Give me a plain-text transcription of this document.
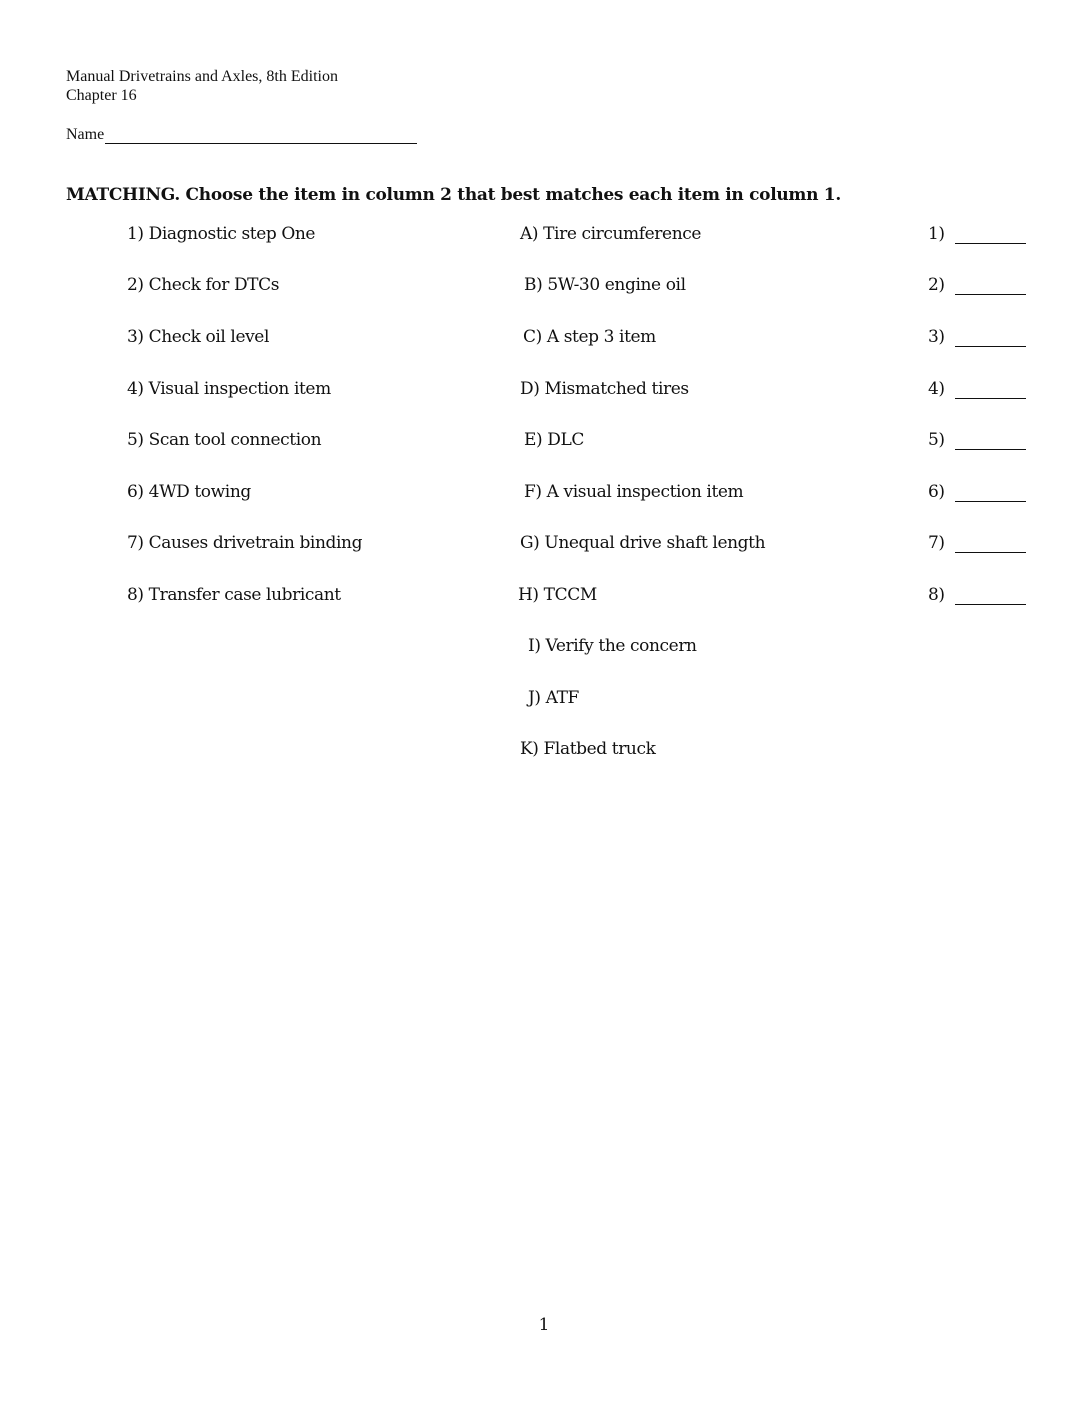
Manual Drivetrains and Axles, 8th Edition
Chapter 16
Name
MATCHING. Choose the item in column 2 that best matches each item in column 1.
1) Diagnostic step One
2) Check for DTCs
3) Check oil level
4) Visual inspection item
5) Scan tool connection
6) 4WD towing
7) Causes drivetrain binding
8) Transfer case lubricant
A) Tire circumference
B) 5W-30 engine oil
C) A step 3 item
D) Mismatched tires
E) DLC
F) A visual inspection item
G) Unequal drive shaft length
H) TCCM
I) Verify the concern
J) ATF
K) Flatbed truck
1)
2)
3)
4)
5)
6)
7)
8)
1
